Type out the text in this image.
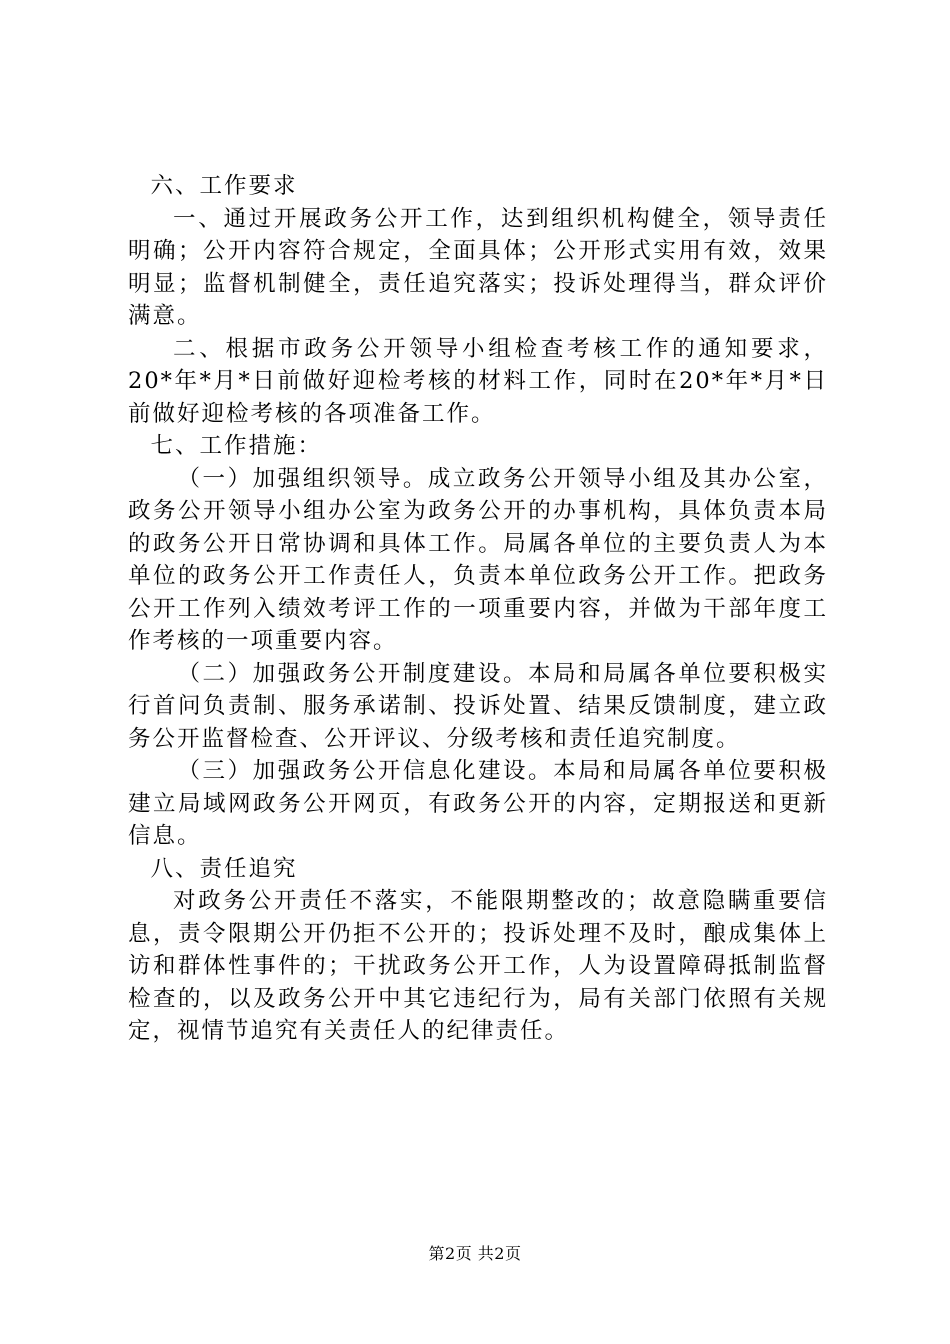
六、工作要求

一、通过开展政务公开工作，达到组织机构健全，领导责任明确；公开内容符合规定，全面具体；公开形式实用有效，效果明显；监督机制健全，责任追究落实；投诉处理得当，群众评价满意。

二、根据市政务公开领导小组检查考核工作的通知要求，20*年*月*日前做好迎检考核的材料工作，同时在20*年*月*日前做好迎检考核的各项准备工作。

七、工作措施：

（一）加强组织领导。成立政务公开领导小组及其办公室，政务公开领导小组办公室为政务公开的办事机构，具体负责本局的政务公开日常协调和具体工作。局属各单位的主要负责人为本单位的政务公开工作责任人，负责本单位政务公开工作。把政务公开工作列入绩效考评工作的一项重要内容，并做为干部年度工作考核的一项重要内容。

（二）加强政务公开制度建设。本局和局属各单位要积极实行首问负责制、服务承诺制、投诉处置、结果反馈制度，建立政务公开监督检查、公开评议、分级考核和责任追究制度。

（三）加强政务公开信息化建设。本局和局属各单位要积极建立局域网政务公开网页，有政务公开的内容，定期报送和更新信息。

八、责任追究

对政务公开责任不落实，不能限期整改的；故意隐瞒重要信息，责令限期公开仍拒不公开的；投诉处理不及时，酿成集体上访和群体性事件的；干扰政务公开工作，人为设置障碍抵制监督检查的，以及政务公开中其它违纪行为，局有关部门依照有关规定，视情节追究有关责任人的纪律责任。

第2页 共2页
